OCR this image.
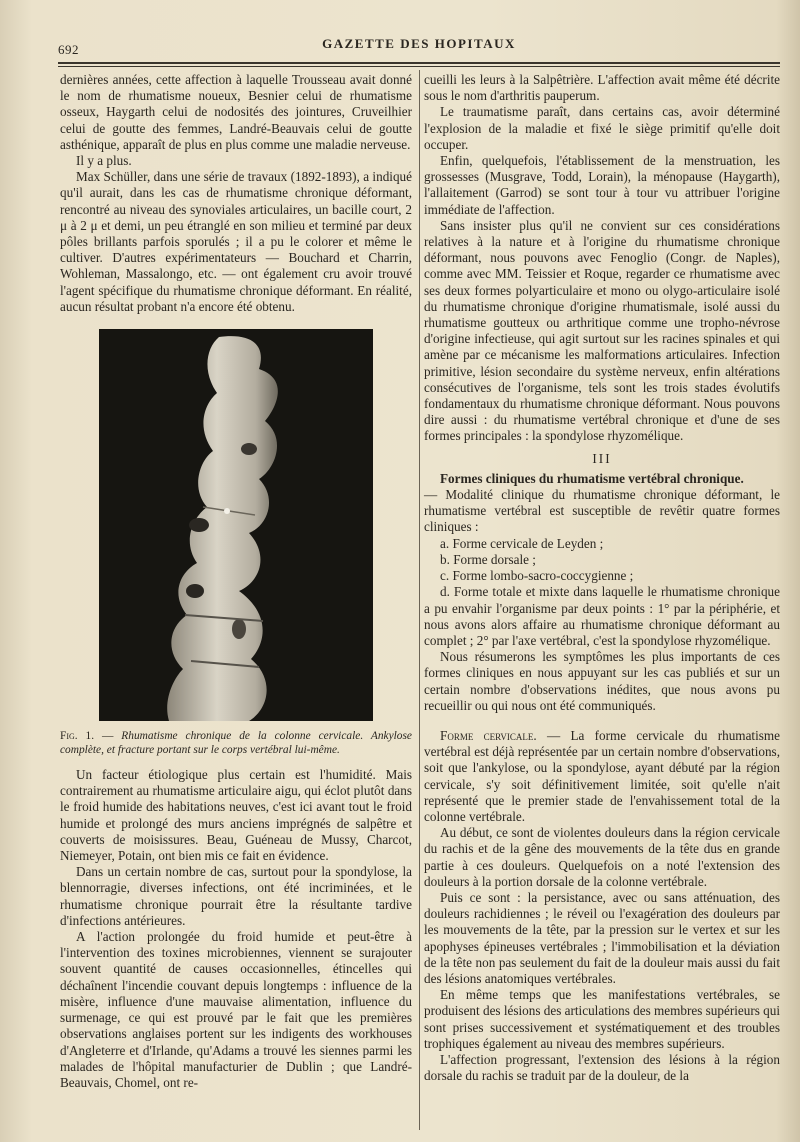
692	GAZETTE DES HOPITAUX

dernières années, cette affection à laquelle Trousseau avait donné le nom de rhumatisme noueux, Besnier celui de rhumatisme osseux, Haygarth celui de nodosités des jointures, Cruveilhier celui de goutte des femmes, Landré-Beauvais celui de goutte asthénique, apparaît de plus en plus comme une maladie nerveuse.

Il y a plus.

Max Schüller, dans une série de travaux (1892-1893), a indiqué qu'il aurait, dans les cas de rhumatisme chronique déformant, rencontré au niveau des synoviales articulaires, un bacille court, 2 μ à 2 μ et demi, un peu étranglé en son milieu et terminé par deux pôles brillants parfois sporulés ; il a pu le colorer et même le cultiver. D'autres expérimentateurs — Bouchard et Charrin, Wohleman, Massalongo, etc. — ont également cru avoir trouvé l'agent spécifique du rhumatisme chronique déformant. En réalité, aucun résultat probant n'a encore été obtenu.

Fig. 1. — Rhumatisme chronique de la colonne cervicale. Ankylose complète, et fracture portant sur le corps vertébral lui-même.

Un facteur étiologique plus certain est l'humidité. Mais contrairement au rhumatisme articulaire aigu, qui éclot plutôt dans le froid humide des habitations neuves, c'est ici avant tout le froid humide et prolongé des murs anciens imprégnés de salpêtre et couverts de moisissures. Beau, Guéneau de Mussy, Charcot, Niemeyer, Potain, ont bien mis ce fait en évidence.

Dans un certain nombre de cas, surtout pour la spondylose, la blennorragie, diverses infections, ont été incriminées, et le rhumatisme chronique pourrait être la résultante tardive d'infections antérieures.

A l'action prolongée du froid humide et peut-être à l'intervention des toxines microbiennes, viennent se surajouter souvent quantité de causes occasionnelles, étincelles qui déchaînent l'incendie couvant depuis longtemps : influence de la misère, influence d'une mauvaise alimentation, influence du surmenage, ce qui est prouvé par le fait que les premières observations anglaises portent sur les indigents des workhouses d'Angleterre et d'Irlande, qu'Adams a trouvé les siennes parmi les malades de l'hôpital manufacturier de Dublin ; que Landré-Beauvais, Chomel, ont re-

cueilli les leurs à la Salpêtrière. L'affection avait même été décrite sous le nom d'arthritis pauperum.

Le traumatisme paraît, dans certains cas, avoir déterminé l'explosion de la maladie et fixé le siège primitif qu'elle doit occuper.

Enfin, quelquefois, l'établissement de la menstruation, les grossesses (Musgrave, Todd, Lorain), la ménopause (Haygarth), l'allaitement (Garrod) se sont tour à tour vu attribuer l'origine immédiate de l'affection.

Sans insister plus qu'il ne convient sur ces considérations relatives à la nature et à l'origine du rhumatisme chronique déformant, nous pouvons avec Fenoglio (Congr. de Naples), comme avec MM. Teissier et Roque, regarder ce rhumatisme avec ses deux formes polyarticulaire et mono ou olygo-articulaire isolé du rhumatisme chronique d'origine rhumatismale, isolé aussi du rhumatisme goutteux ou arthritique comme une tropho-névrose d'origine infectieuse, qui agit surtout sur les racines spinales et qui amène par ce mécanisme les malformations articulaires. Infection primitive, lésion secondaire du système nerveux, enfin altérations consécutives de l'organisme, tels sont les trois stades évolutifs fondamentaux du rhumatisme chronique déformant. Nous pouvons dire aussi : du rhumatisme vertébral chronique et d'une de ses formes principales : la spondylose rhyzomélique.

III

Formes cliniques du rhumatisme vertébral chronique.

— Modalité clinique du rhumatisme chronique déformant, le rhumatisme vertébral est susceptible de revêtir quatre formes cliniques :

a. Forme cervicale de Leyden ;

b. Forme dorsale ;

c. Forme lombo-sacro-coccygienne ;

d. Forme totale et mixte dans laquelle le rhumatisme chronique a pu envahir l'organisme par deux points : 1° par la périphérie, et nous avons alors affaire au rhumatisme chronique déformant au complet ; 2° par l'axe vertébral, c'est la spondylose rhyzomélique.

Nous résumerons les symptômes les plus importants de ces formes cliniques en nous appuyant sur les cas publiés et sur un certain nombre d'observations inédites, que nous avons pu recueillir ou qui nous ont été communiqués.

Forme cervicale. — La forme cervicale du rhumatisme vertébral est déjà représentée par un certain nombre d'observations, soit que l'ankylose, ou la spondylose, ayant débuté par la région cervicale, s'y soit définitivement limitée, soit qu'elle n'ait représenté que le premier stade de l'envahissement total de la colonne vertébrale.

Au début, ce sont de violentes douleurs dans la région cervicale du rachis et de la gêne des mouvements de la tête dus en grande partie à ces douleurs. Quelquefois on a noté l'extension des douleurs à la portion dorsale de la colonne vertébrale.

Puis ce sont : la persistance, avec ou sans atténuation, des douleurs rachidiennes ; le réveil ou l'exagération des douleurs par les mouvements de la tête, par la pression sur le vertex et sur les apophyses épineuses vertébrales ; l'immobilisation et la déviation de la tête non pas seulement du fait de la douleur mais aussi du fait des lésions anatomiques vertébrales.

En même temps que les manifestations vertébrales, se produisent des lésions des articulations des membres supérieurs qui sont prises successivement et systématiquement et des troubles trophiques également au niveau des membres supérieurs.

L'affection progressant, l'extension des lésions à la région dorsale du rachis se traduit par de la douleur, de la
